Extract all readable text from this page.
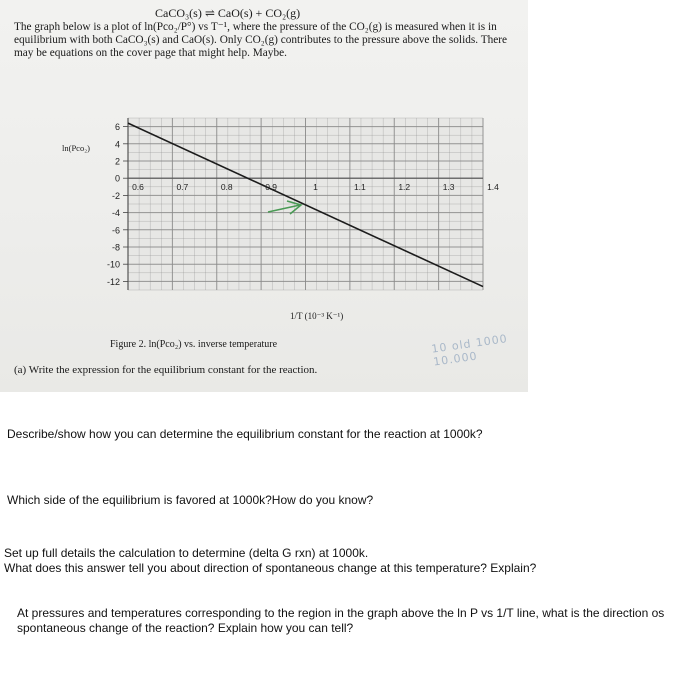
CaCO₃(s) ⇌ CaO(s) + CO₂(g)
The graph below is a plot of ln(Pco₂/P°) vs T⁻¹, where the pressure of the CO₂(g) is measured when it is in equilibrium with both CaCO₃(s) and CaO(s). Only CO₂(g) contributes to the pressure above the solids. There may be equations on the cover page that might help. Maybe.
6
4
2
0
-2
-4
-6
-8
-10
-12
0.6	0.7	0.8	0.9	1	1.1	1.2	1.3	1.4
ln(Pco₂)
1/T (10⁻³ K⁻¹)
Figure 2. ln(Pco₂) vs. inverse temperature
(a) Write the expression for the equilibrium constant for the reaction.
10 old 1000 10.000
Describe/show how you can determine the equilibrium constant for the reaction at 1000k?
Which side of the equilibrium is favored at 1000k?How do you know?
Set up full details the calculation to determine (delta G rxn) at 1000k.
What does this answer tell you about direction of spontaneous change at this temperature? Explain?
At pressures and temperatures corresponding to the region in the graph above the ln P vs 1/T line, what is the direction os spontaneous change of the reaction? Explain how you can tell?
